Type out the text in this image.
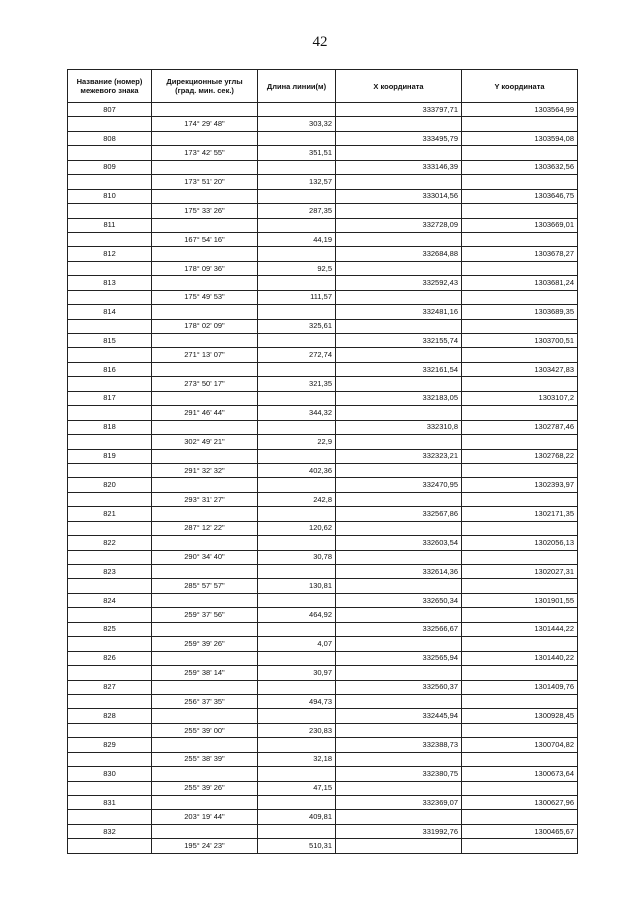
42
Название (номер) межевого знака	Дирекционные углы (град. мин. сек.)	Длина линии(м)	X координата	Y координата
807			333797,71	1303564,99
	174° 29' 48"	303,32		
808			333495,79	1303594,08
	173° 42' 55"	351,51		
809			333146,39	1303632,56
	173° 51' 20"	132,57		
810			333014,56	1303646,75
	175° 33' 26"	287,35		
811			332728,09	1303669,01
	167° 54' 16"	44,19		
812			332684,88	1303678,27
	178° 09' 36"	92,5		
813			332592,43	1303681,24
	175° 49' 53"	111,57		
814			332481,16	1303689,35
	178° 02' 09"	325,61		
815			332155,74	1303700,51
	271° 13' 07"	272,74		
816			332161,54	1303427,83
	273° 50' 17"	321,35		
817			332183,05	1303107,2
	291° 46' 44"	344,32		
818			332310,8	1302787,46
	302° 49' 21"	22,9		
819			332323,21	1302768,22
	291° 32' 32"	402,36		
820			332470,95	1302393,97
	293° 31' 27"	242,8		
821			332567,86	1302171,35
	287° 12' 22"	120,62		
822			332603,54	1302056,13
	290° 34' 40"	30,78		
823			332614,36	1302027,31
	285° 57' 57"	130,81		
824			332650,34	1301901,55
	259° 37' 56"	464,92		
825			332566,67	1301444,22
	259° 39' 26"	4,07		
826			332565,94	1301440,22
	259° 38' 14"	30,97		
827			332560,37	1301409,76
	256° 37' 35"	494,73		
828			332445,94	1300928,45
	255° 39' 00"	230,83		
829			332388,73	1300704,82
	255° 38' 39"	32,18		
830			332380,75	1300673,64
	255° 39' 26"	47,15		
831			332369,07	1300627,96
	203° 19' 44"	409,81		
832			331992,76	1300465,67
	195° 24' 23"	510,31		
